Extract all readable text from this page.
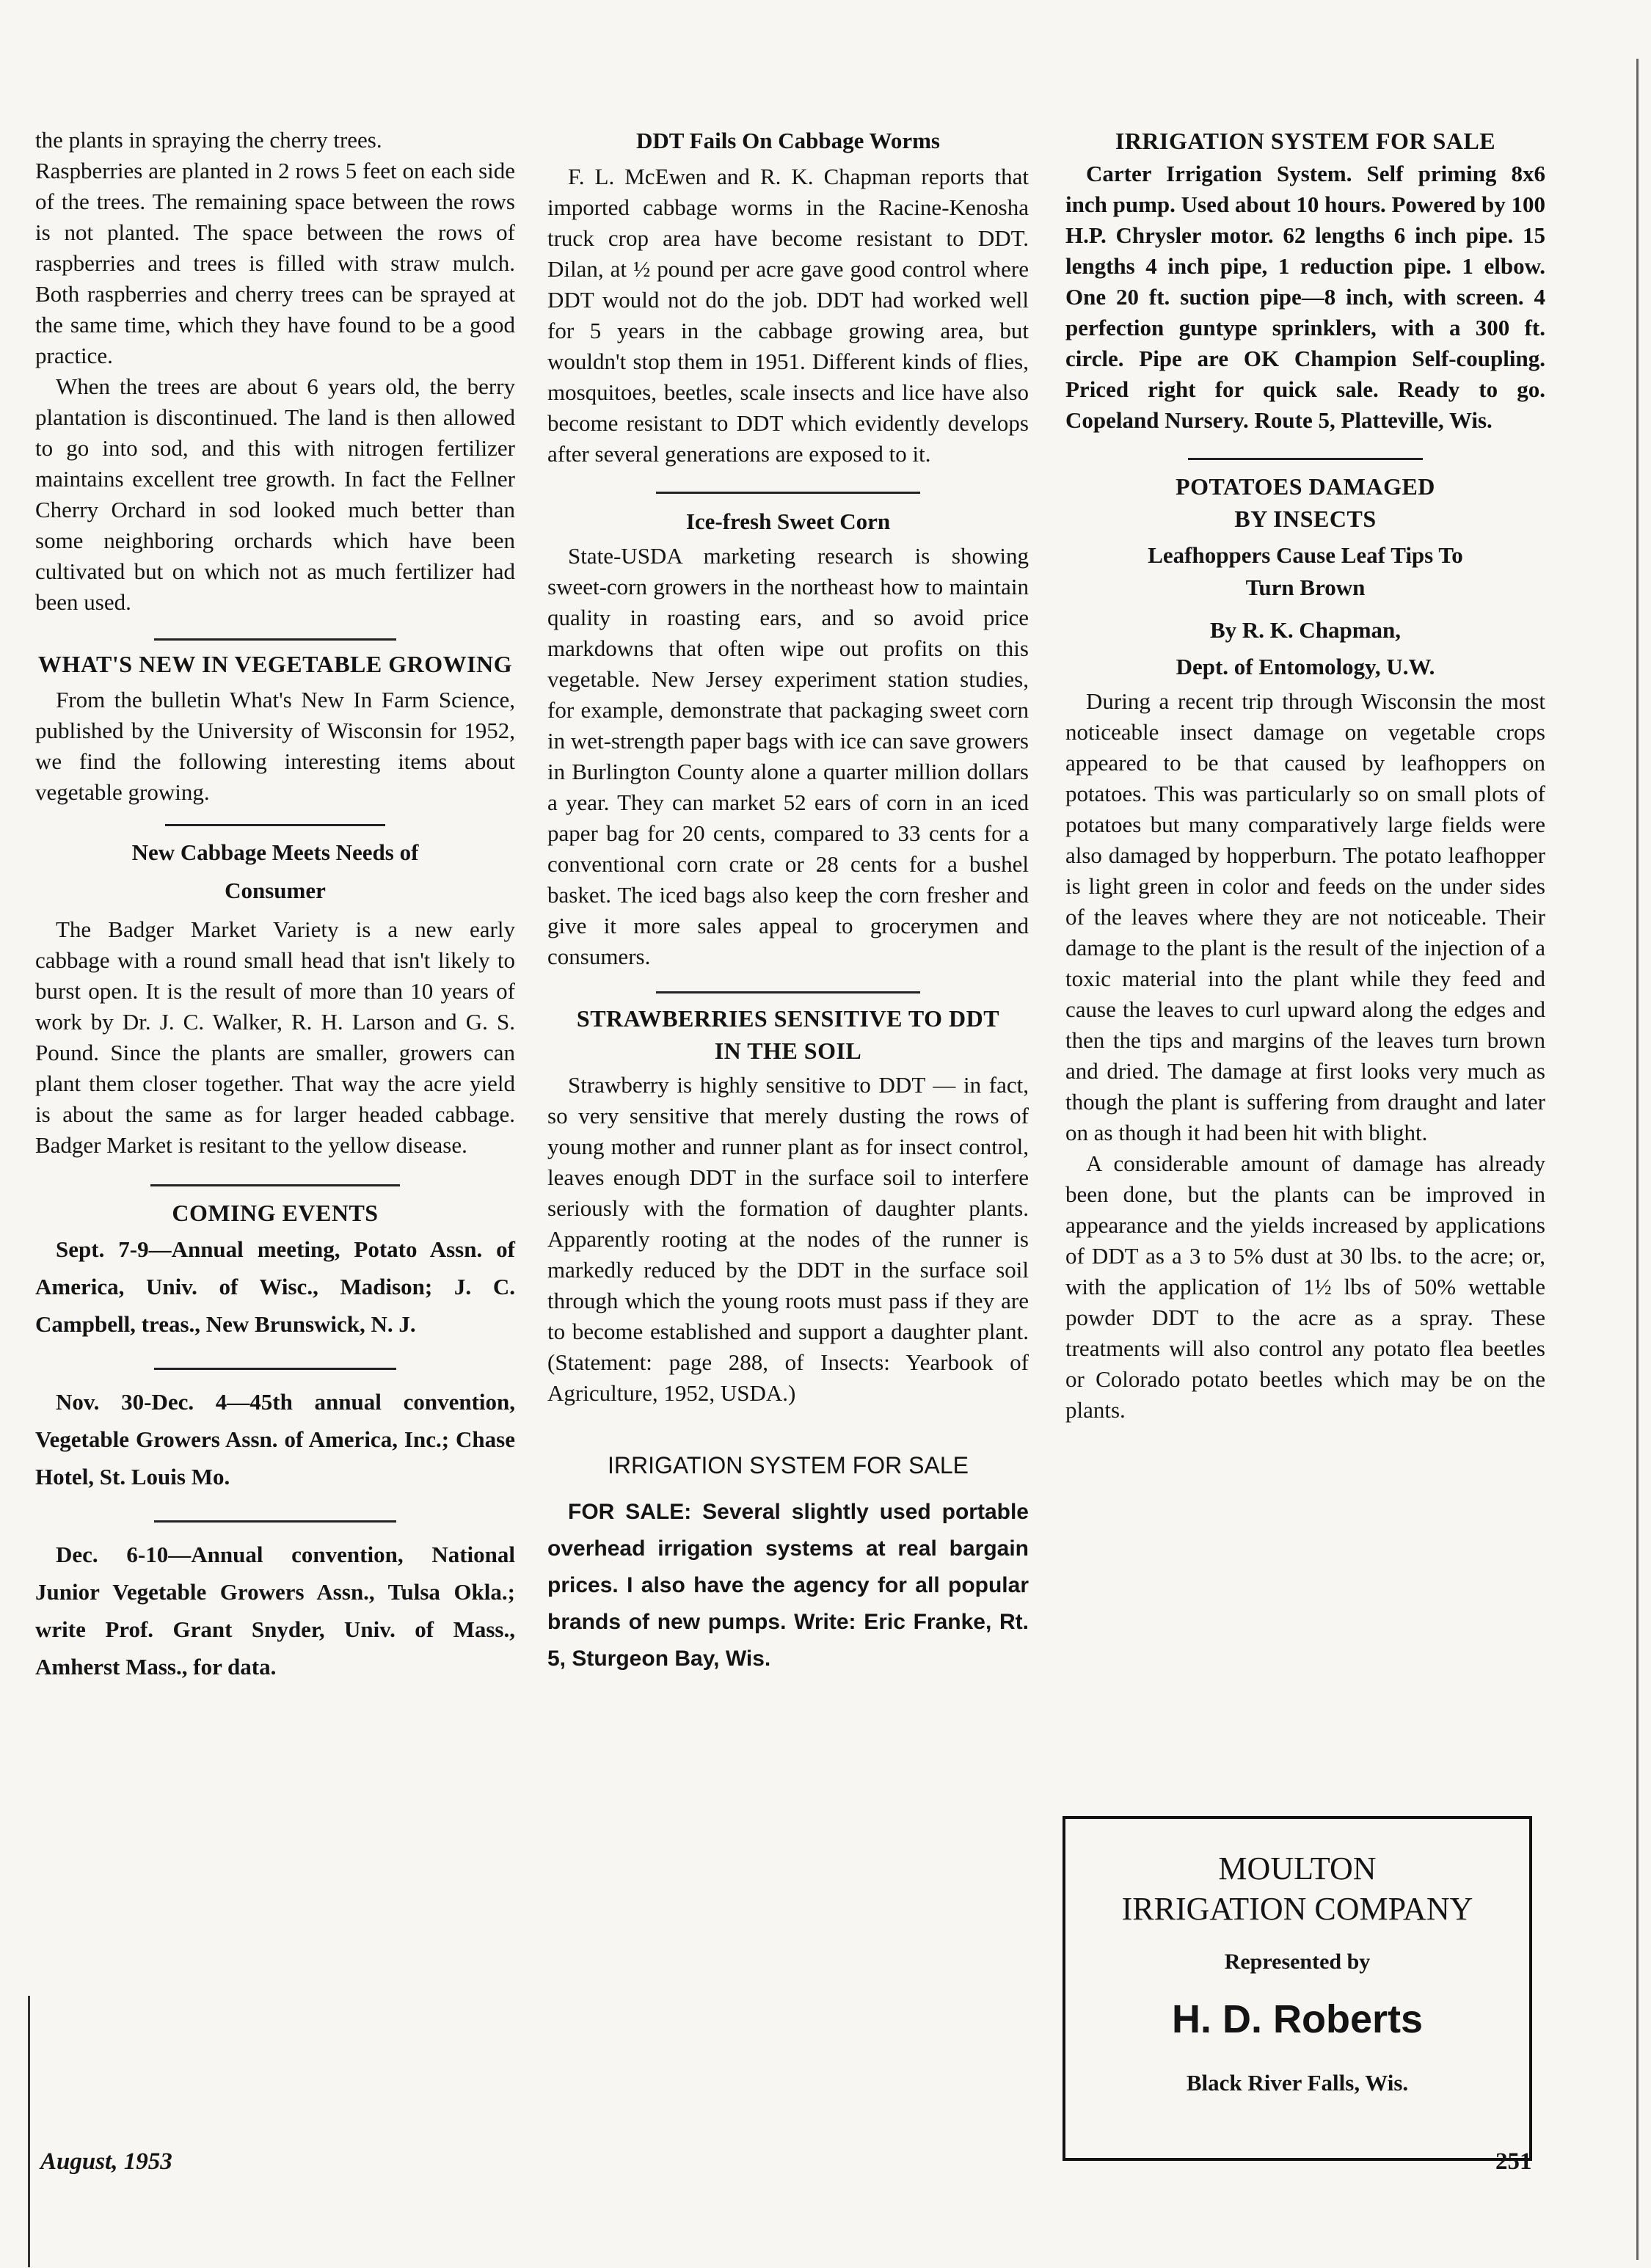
the plants in spraying the cherry trees.

Raspberries are planted in 2 rows 5 feet on each side of the trees. The remaining space between the rows is not planted. The space between the rows of raspberries and trees is filled with straw mulch. Both raspberries and cherry trees can be sprayed at the same time, which they have found to be a good practice.

When the trees are about 6 years old, the berry plantation is discontinued. The land is then allowed to go into sod, and this with nitrogen fertilizer maintains excellent tree growth. In fact the Fellner Cherry Orchard in sod looked much better than some neighboring orchards which have been cultivated but on which not as much fertilizer had been used.

WHAT'S NEW IN VEGETABLE GROWING

From the bulletin What's New In Farm Science, published by the University of Wisconsin for 1952, we find the following interesting items about vegetable growing.

New Cabbage Meets Needs of Consumer

The Badger Market Variety is a new early cabbage with a round small head that isn't likely to burst open. It is the result of more than 10 years of work by Dr. J. C. Walker, R. H. Larson and G. S. Pound. Since the plants are smaller, growers can plant them closer together. That way the acre yield is about the same as for larger headed cabbage. Badger Market is resitant to the yellow disease.

COMING EVENTS

Sept. 7-9—Annual meeting, Potato Assn. of America, Univ. of Wisc., Madison; J. C. Campbell, treas., New Brunswick, N. J.

Nov. 30-Dec. 4—45th annual convention, Vegetable Growers Assn. of America, Inc.; Chase Hotel, St. Louis Mo.

Dec. 6-10—Annual convention, National Junior Vegetable Growers Assn., Tulsa Okla.; write Prof. Grant Snyder, Univ. of Mass., Amherst Mass., for data.

DDT Fails On Cabbage Worms

F. L. McEwen and R. K. Chapman reports that imported cabbage worms in the Racine-Kenosha truck crop area have become resistant to DDT. Dilan, at ½ pound per acre gave good control where DDT would not do the job. DDT had worked well for 5 years in the cabbage growing area, but wouldn't stop them in 1951. Different kinds of flies, mosquitoes, beetles, scale insects and lice have also become resistant to DDT which evidently develops after several generations are exposed to it.

Ice-fresh Sweet Corn

State-USDA marketing research is showing sweet-corn growers in the northeast how to maintain quality in roasting ears, and so avoid price markdowns that often wipe out profits on this vegetable. New Jersey experiment station studies, for example, demonstrate that packaging sweet corn in wet-strength paper bags with ice can save growers in Burlington County alone a quarter million dollars a year. They can market 52 ears of corn in an iced paper bag for 20 cents, compared to 33 cents for a conventional corn crate or 28 cents for a bushel basket. The iced bags also keep the corn fresher and give it more sales appeal to grocerymen and consumers.

STRAWBERRIES SENSITIVE TO DDT IN THE SOIL

Strawberry is highly sensitive to DDT — in fact, so very sensitive that merely dusting the rows of young mother and runner plant as for insect control, leaves enough DDT in the surface soil to interfere seriously with the formation of daughter plants. Apparently rooting at the nodes of the runner is markedly reduced by the DDT in the surface soil through which the young roots must pass if they are to become established and support a daughter plant. (Statement: page 288, of Insects: Yearbook of Agriculture, 1952, USDA.)

IRRIGATION SYSTEM FOR SALE

FOR SALE: Several slightly used portable overhead irrigation systems at real bargain prices. I also have the agency for all popular brands of new pumps. Write: Eric Franke, Rt. 5, Sturgeon Bay, Wis.

IRRIGATION SYSTEM FOR SALE

Carter Irrigation System. Self priming 8x6 inch pump. Used about 10 hours. Powered by 100 H.P. Chrysler motor. 62 lengths 6 inch pipe. 15 lengths 4 inch pipe, 1 reduction pipe. 1 elbow. One 20 ft. suction pipe—8 inch, with screen. 4 perfection guntype sprinklers, with a 300 ft. circle. Pipe are OK Champion Self-coupling. Priced right for quick sale. Ready to go. Copeland Nursery. Route 5, Platteville, Wis.

POTATOES DAMAGED BY INSECTS

Leafhoppers Cause Leaf Tips To Turn Brown

By R. K. Chapman,

Dept. of Entomology, U.W.

During a recent trip through Wisconsin the most noticeable insect damage on vegetable crops appeared to be that caused by leafhoppers on potatoes. This was particularly so on small plots of potatoes but many comparatively large fields were also damaged by hopperburn. The potato leafhopper is light green in color and feeds on the under sides of the leaves where they are not noticeable. Their damage to the plant is the result of the injection of a toxic material into the plant while they feed and cause the leaves to curl upward along the edges and then the tips and margins of the leaves turn brown and dried. The damage at first looks very much as though the plant is suffering from draught and later on as though it had been hit with blight.

A considerable amount of damage has already been done, but the plants can be improved in appearance and the yields increased by applications of DDT as a 3 to 5% dust at 30 lbs. to the acre; or, with the application of 1½ lbs of 50% wettable powder DDT to the acre as a spray. These treatments will also control any potato flea beetles or Colorado potato beetles which may be on the plants.

MOULTON
IRRIGATION COMPANY
Represented by
H. D. Roberts
Black River Falls, Wis.
August, 1953	251
